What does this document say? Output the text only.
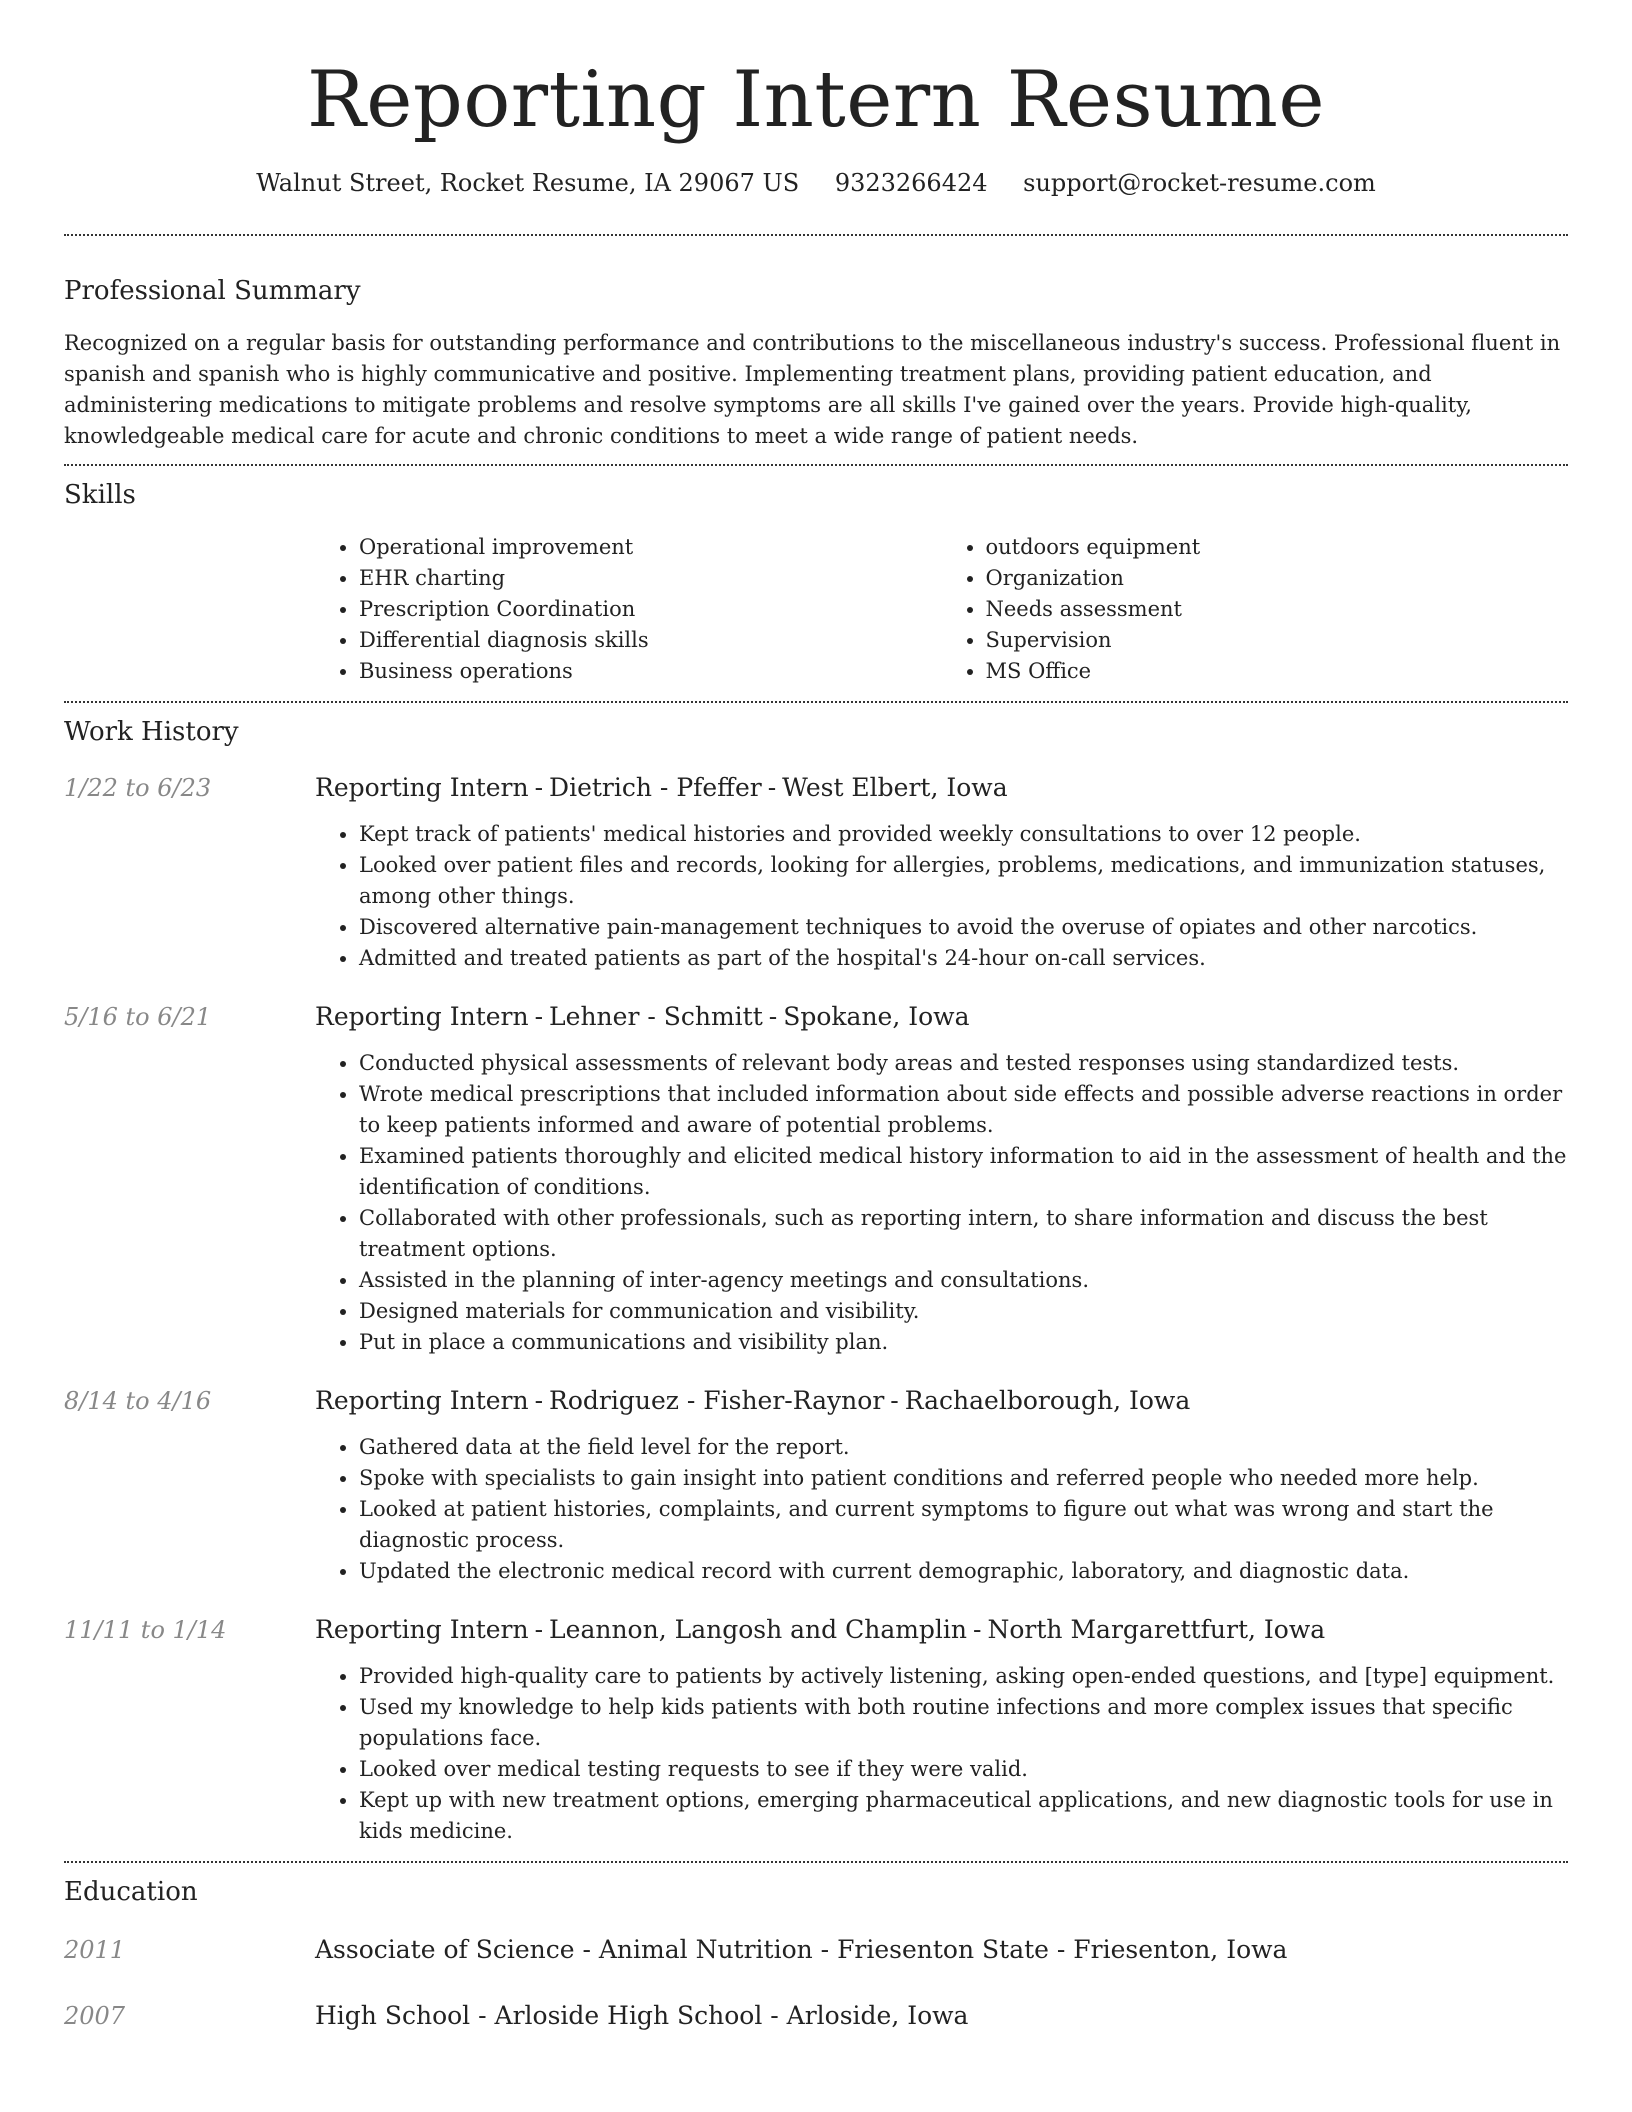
Reporting Intern Resume
Walnut Street, Rocket Resume, IA 29067 US 9323266424 support@rocket-resume.com
Professional Summary

Recognized on a regular basis for outstanding performance and contributions to the miscellaneous industry's success. Professional fluent in spanish and spanish who is highly communicative and positive. Implementing treatment plans, providing patient education, and administering medications to mitigate problems and resolve symptoms are all skills I've gained over the years. Provide high-quality, knowledgeable medical care for acute and chronic conditions to meet a wide range of patient needs.

Skills
• Operational improvement
• EHR charting
• Prescription Coordination
• Differential diagnosis skills
• Business operations
• outdoors equipment
• Organization
• Needs assessment
• Supervision
• MS Office
Work History
1/22 to 6/23	Reporting Intern - Dietrich - Pfeffer - West Elbert, Iowa
• Kept track of patients' medical histories and provided weekly consultations to over 12 people.
• Looked over patient files and records, looking for allergies, problems, medications, and immunization statuses, among other things.
• Discovered alternative pain-management techniques to avoid the overuse of opiates and other narcotics.
• Admitted and treated patients as part of the hospital's 24-hour on-call services.
5/16 to 6/21	Reporting Intern - Lehner - Schmitt - Spokane, Iowa
• Conducted physical assessments of relevant body areas and tested responses using standardized tests.
• Wrote medical prescriptions that included information about side effects and possible adverse reactions in order to keep patients informed and aware of potential problems.
• Examined patients thoroughly and elicited medical history information to aid in the assessment of health and the identification of conditions.
• Collaborated with other professionals, such as reporting intern, to share information and discuss the best treatment options.
• Assisted in the planning of inter-agency meetings and consultations.
• Designed materials for communication and visibility.
• Put in place a communications and visibility plan.
8/14 to 4/16	Reporting Intern - Rodriguez - Fisher-Raynor - Rachaelborough, Iowa
• Gathered data at the field level for the report.
• Spoke with specialists to gain insight into patient conditions and referred people who needed more help.
• Looked at patient histories, complaints, and current symptoms to figure out what was wrong and start the diagnostic process.
• Updated the electronic medical record with current demographic, laboratory, and diagnostic data.
11/11 to 1/14	Reporting Intern - Leannon, Langosh and Champlin - North Margarettfurt, Iowa
• Provided high-quality care to patients by actively listening, asking open-ended questions, and [type] equipment.
• Used my knowledge to help kids patients with both routine infections and more complex issues that specific populations face.
• Looked over medical testing requests to see if they were valid.
• Kept up with new treatment options, emerging pharmaceutical applications, and new diagnostic tools for use in kids medicine.
Education
2011	Associate of Science - Animal Nutrition - Friesenton State - Friesenton, Iowa
2007	High School - Arloside High School - Arloside, Iowa
